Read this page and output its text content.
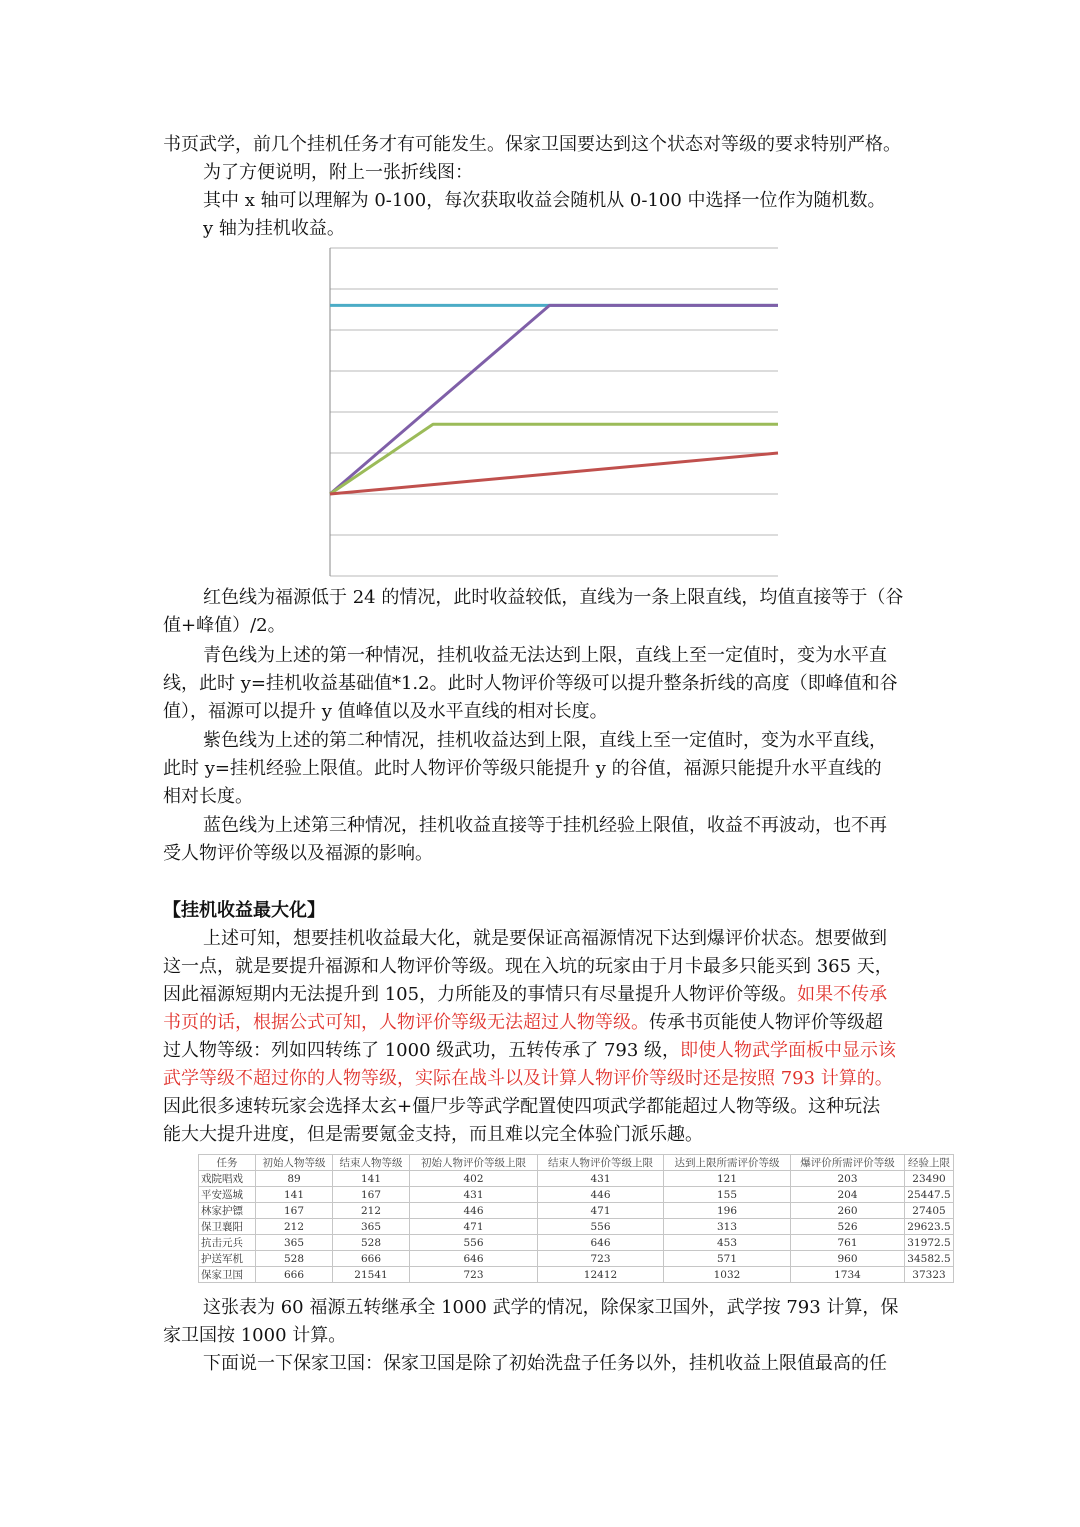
书页武学，前几个挂机任务才有可能发生。保家卫国要达到这个状态对等级的要求特别严格。
为了方便说明，附上一张折线图：
其中 x 轴可以理解为 0-100，每次获取收益会随机从 0-100 中选择一位作为随机数。
y 轴为挂机收益。
红色线为福源低于 24 的情况，此时收益较低，直线为一条上限直线，均值直接等于（谷
值+峰值）/2。
青色线为上述的第一种情况，挂机收益无法达到上限，直线上至一定值时，变为水平直
线，此时 y=挂机收益基础值*1.2。此时人物评价等级可以提升整条折线的高度（即峰值和谷
值），福源可以提升 y 值峰值以及水平直线的相对长度。
紫色线为上述的第二种情况，挂机收益达到上限，直线上至一定值时，变为水平直线，
此时 y=挂机经验上限值。此时人物评价等级只能提升 y 的谷值，福源只能提升水平直线的
相对长度。
蓝色线为上述第三种情况，挂机收益直接等于挂机经验上限值，收益不再波动，也不再
受人物评价等级以及福源的影响。
【挂机收益最大化】
上述可知，想要挂机收益最大化，就是要保证高福源情况下达到爆评价状态。想要做到
这一点，就是要提升福源和人物评价等级。现在入坑的玩家由于月卡最多只能买到 365 天，
因此福源短期内无法提升到 105，力所能及的事情只有尽量提升人物评价等级。如果不传承
书页的话，根据公式可知，人物评价等级无法超过人物等级。传承书页能使人物评价等级超
过人物等级：列如四转练了 1000 级武功，五转传承了 793 级，即使人物武学面板中显示该
武学等级不超过你的人物等级，实际在战斗以及计算人物评价等级时还是按照 793 计算的。
因此很多速转玩家会选择太玄+僵尸步等武学配置使四项武学都能超过人物等级。这种玩法
能大大提升进度，但是需要氪金支持，而且难以完全体验门派乐趣。
任务	初始人物等级	结束人物等级	初始人物评价等级上限	结束人物评价等级上限	达到上限所需评价等级	爆评价所需评价等级	经验上限
戏院唱戏	89	141	402	431	121	203	23490
平安巡城	141	167	431	446	155	204	25447.5
林家护镖	167	212	446	471	196	260	27405
保卫襄阳	212	365	471	556	313	526	29623.5
抗击元兵	365	528	556	646	453	761	31972.5
护送军机	528	666	646	723	571	960	34582.5
保家卫国	666	21541	723	12412	1032	1734	37323
这张表为 60 福源五转继承全 1000 武学的情况，除保家卫国外，武学按 793 计算，保
家卫国按 1000 计算。
下面说一下保家卫国：保家卫国是除了初始洗盘子任务以外，挂机收益上限值最高的任
